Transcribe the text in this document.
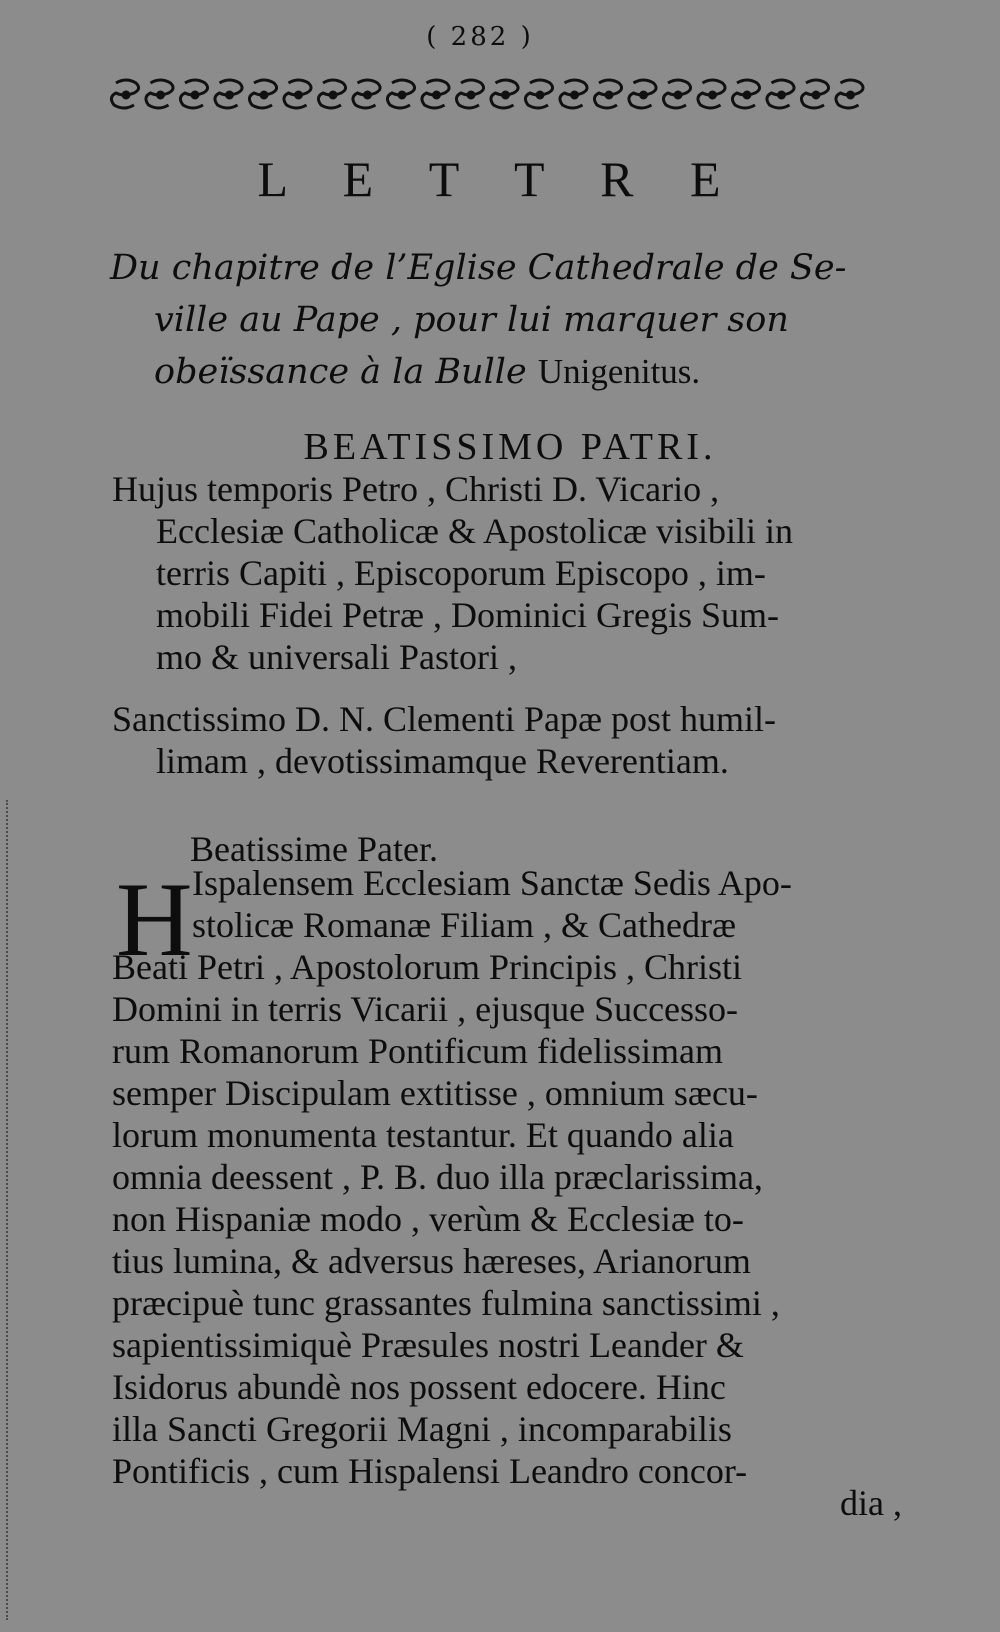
( 282 )
L E T T R E
Du chapitre de l’Eglise Cathedrale de Se-
ville au Pape , pour lui marquer son
obeïssance à la Bulle Unigenitus.
BEATISSIMO PATRI.
Hujus temporis Petro , Christi D. Vicario ,
Ecclesiæ Catholicæ & Apostolicæ visibili in
terris Capiti , Episcoporum Episcopo , im-
mobili Fidei Petræ , Dominici Gregis Sum-
mo & universali Pastori ,
Sanctissimo D. N. Clementi Papæ post humil-
limam , devotissimamque Reverentiam.
Beatissime Pater.
H Ispalensem Ecclesiam Sanctæ Sedis Apo-
stolicæ Romanæ Filiam , & Cathedræ
Beati Petri , Apostolorum Principis , Christi
Domini in terris Vicarii , ejusque Successo-
rum Romanorum Pontificum fidelissimam
semper Discipulam extitisse , omnium sæcu-
lorum monumenta testantur. Et quando alia
omnia deessent , P. B. duo illa præclarissima,
non Hispaniæ modo , verùm & Ecclesiæ to-
tius lumina, & adversus hæreses, Arianorum
præcipuè tunc grassantes fulmina sanctissimi ,
sapientissimiquè Præsules nostri Leander &
Isidorus abundè nos possent edocere. Hinc
illa Sancti Gregorii Magni , incomparabilis
Pontificis , cum Hispalensi Leandro concor-
dia ,
